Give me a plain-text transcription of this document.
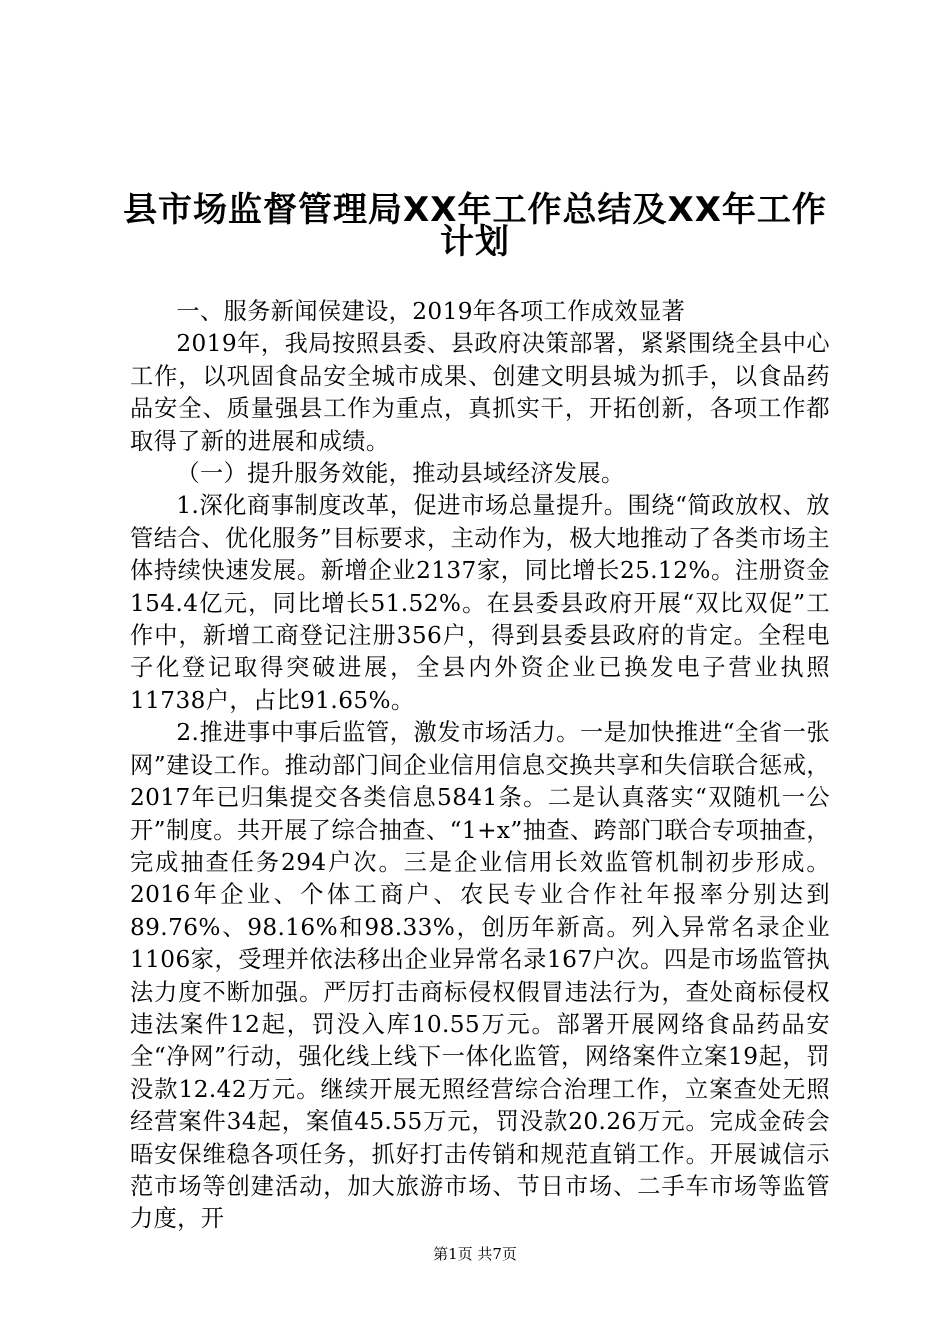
县市场监督管理局XX年工作总结及XX年工作
计划

一、服务新闻侯建设，2019年各项工作成效显著

2019年，我局按照县委、县政府决策部署，紧紧围绕全县中心工作，以巩固食品安全城市成果、创建文明县城为抓手，以食品药品安全、质量强县工作为重点，真抓实干，开拓创新，各项工作都取得了新的进展和成绩。

（一）提升服务效能，推动县域经济发展。

1.深化商事制度改革，促进市场总量提升。围绕“简政放权、放管结合、优化服务”目标要求，主动作为，极大地推动了各类市场主体持续快速发展。新增企业2137家，同比增长25.12%。注册资金154.4亿元，同比增长51.52%。在县委县政府开展“双比双促”工作中，新增工商登记注册356户，得到县委县政府的肯定。全程电子化登记取得突破进展，全县内外资企业已换发电子营业执照11738户，占比91.65%。

2.推进事中事后监管，激发市场活力。一是加快推进“全省一张网”建设工作。推动部门间企业信用信息交换共享和失信联合惩戒，2017年已归集提交各类信息5841条。二是认真落实“双随机一公开”制度。共开展了综合抽查、“1+x”抽查、跨部门联合专项抽查，完成抽查任务294户次。三是企业信用长效监管机制初步形成。2016年企业、个体工商户、农民专业合作社年报率分别达到89.76%、98.16%和98.33%，创历年新高。列入异常名录企业1106家，受理并依法移出企业异常名录167户次。四是市场监管执法力度不断加强。严厉打击商标侵权假冒违法行为，查处商标侵权违法案件12起，罚没入库10.55万元。部署开展网络食品药品安全“净网”行动，强化线上线下一体化监管，网络案件立案19起，罚没款12.42万元。继续开展无照经营综合治理工作，立案查处无照经营案件34起，案值45.55万元，罚没款20.26万元。完成金砖会晤安保维稳各项任务，抓好打击传销和规范直销工作。开展诚信示范市场等创建活动，加大旅游市场、节日市场、二手车市场等监管力度，开

第1页 共7页
